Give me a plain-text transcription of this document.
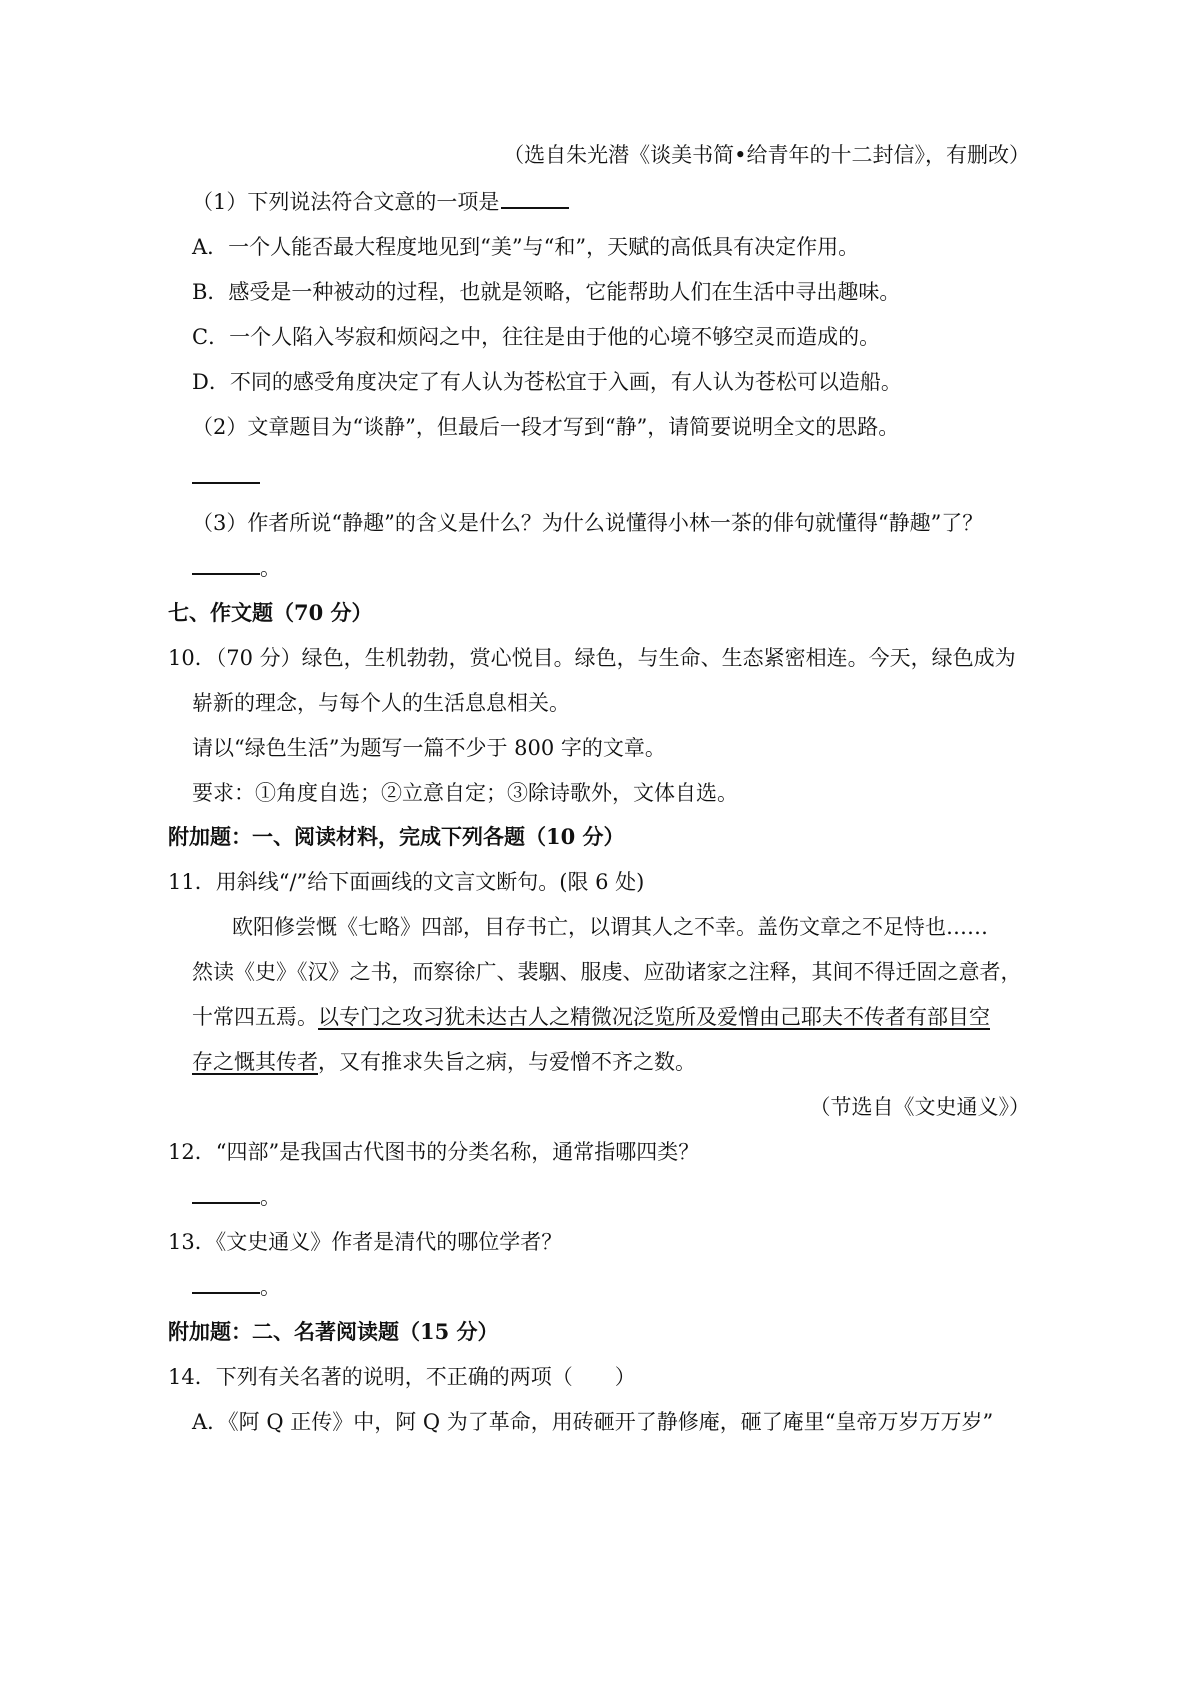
（选自朱光潜《谈美书简•给青年的十二封信》，有删改）
（1）下列说法符合文意的一项是
A．一个人能否最大程度地见到“美”与“和”，天赋的高低具有决定作用。
B．感受是一种被动的过程，也就是领略，它能帮助人们在生活中寻出趣味。
C．一个人陷入岑寂和烦闷之中，往往是由于他的心境不够空灵而造成的。
D．不同的感受角度决定了有人认为苍松宜于入画，有人认为苍松可以造船。
（2）文章题目为“谈静”，但最后一段才写到“静”，请简要说明全文的思路。
（3）作者所说“静趣”的含义是什么？为什么说懂得小林一茶的俳句就懂得“静趣”了？
。
七、作文题（70 分）
10．（70 分）绿色，生机勃勃，赏心悦目。绿色，与生命、生态紧密相连。今天，绿色成为
崭新的理念，与每个人的生活息息相关。
请以“绿色生活”为题写一篇不少于 800 字的文章。
要求：①角度自选；②立意自定；③除诗歌外，文体自选。
附加题：一、阅读材料，完成下列各题（10 分）
11．用斜线“/”给下面画线的文言文断句。(限 6 处)
欧阳修尝慨《七略》四部，目存书亡，以谓其人之不幸。盖伤文章之不足恃也……
然读《史》《汉》之书，而察徐广、裴駰、服虔、应劭诸家之注释，其间不得迁固之意者，
十常四五焉。以专门之攻习犹未达古人之精微况泛览所及爱憎由己耶夫不传者有部目空
存之慨其传者，又有推求失旨之病，与爱憎不齐之数。
（节选自《文史通义》）
12．“四部”是我国古代图书的分类名称，通常指哪四类？
。
13．《文史通义》作者是清代的哪位学者？
。
附加题：二、名著阅读题（15 分）
14．下列有关名著的说明，不正确的两项（　　）
A．《阿 Q 正传》中，阿 Q 为了革命，用砖砸开了静修庵，砸了庵里“皇帝万岁万万岁”
